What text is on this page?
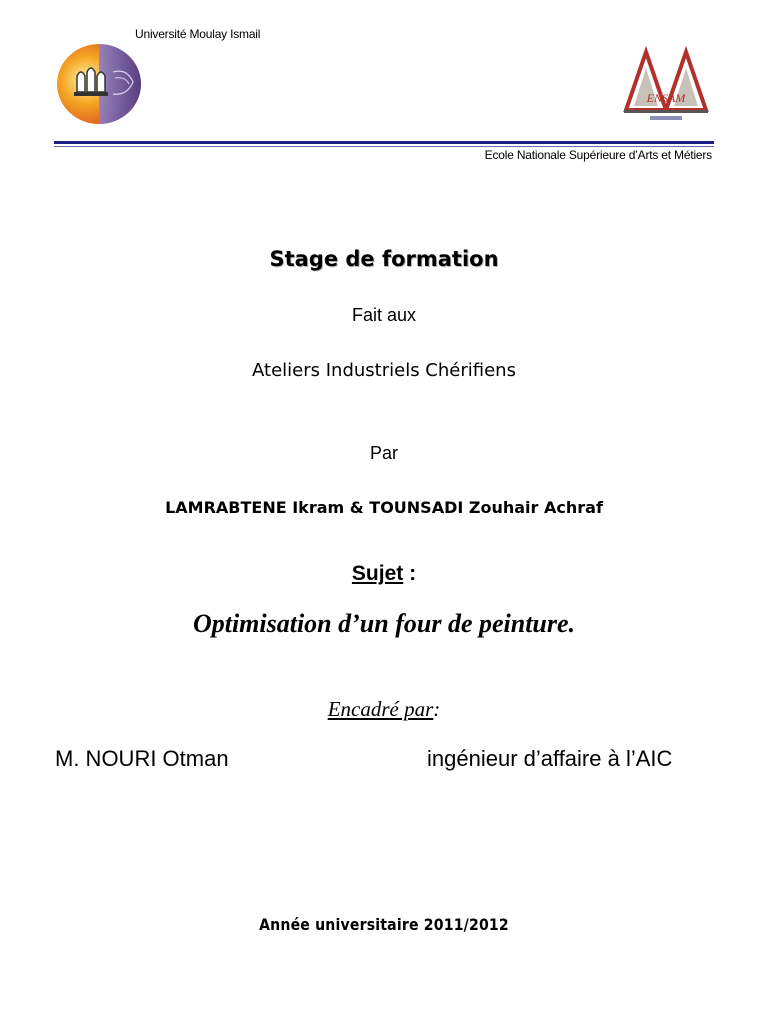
Université Moulay Ismail
ENSAM
Ecole Nationale Supérieure d’Arts et Métiers
Stage de formation
Fait aux
Ateliers Industriels Chérifiens
Par
LAMRABTENE Ikram & TOUNSADI Zouhair Achraf
Sujet :
Optimisation d’un four de peinture.
Encadré par:
M. NOURI Otman	ingénieur d’affaire à l’AIC
Année universitaire 2011/2012
